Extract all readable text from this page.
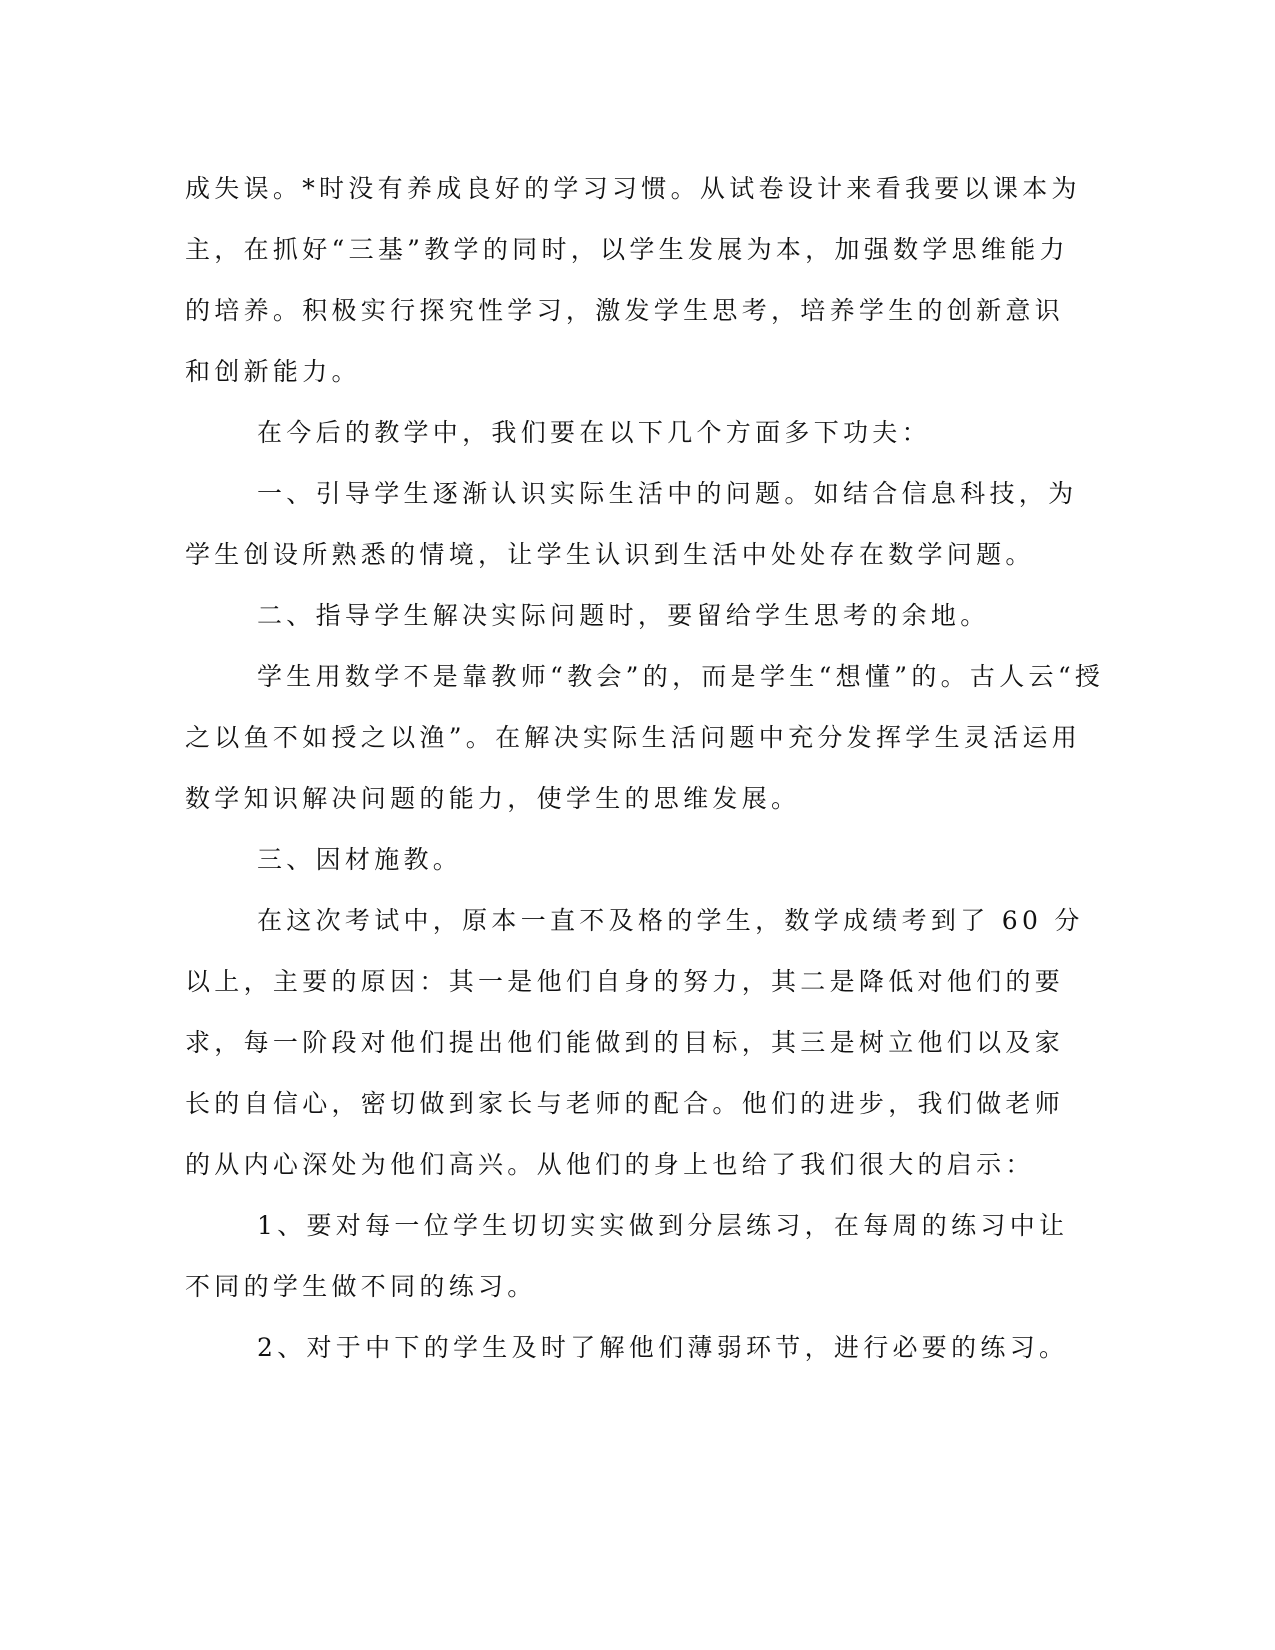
成失误。*时没有养成良好的学习习惯。从试卷设计来看我要以课本为
主，在抓好“三基”教学的同时，以学生发展为本，加强数学思维能力
的培养。积极实行探究性学习，激发学生思考，培养学生的创新意识
和创新能力。
在今后的教学中，我们要在以下几个方面多下功夫：
一、引导学生逐渐认识实际生活中的问题。如结合信息科技，为
学生创设所熟悉的情境，让学生认识到生活中处处存在数学问题。
二、指导学生解决实际问题时，要留给学生思考的余地。
学生用数学不是靠教师“教会”的，而是学生“想懂”的。古人云“授
之以鱼不如授之以渔”。在解决实际生活问题中充分发挥学生灵活运用
数学知识解决问题的能力，使学生的思维发展。
三、因材施教。
在这次考试中，原本一直不及格的学生，数学成绩考到了 60 分
以上，主要的原因：其一是他们自身的努力，其二是降低对他们的要
求，每一阶段对他们提出他们能做到的目标，其三是树立他们以及家
长的自信心，密切做到家长与老师的配合。他们的进步，我们做老师
的从内心深处为他们高兴。从他们的身上也给了我们很大的启示：
1、要对每一位学生切切实实做到分层练习，在每周的练习中让
不同的学生做不同的练习。
2、对于中下的学生及时了解他们薄弱环节，进行必要的练习。
